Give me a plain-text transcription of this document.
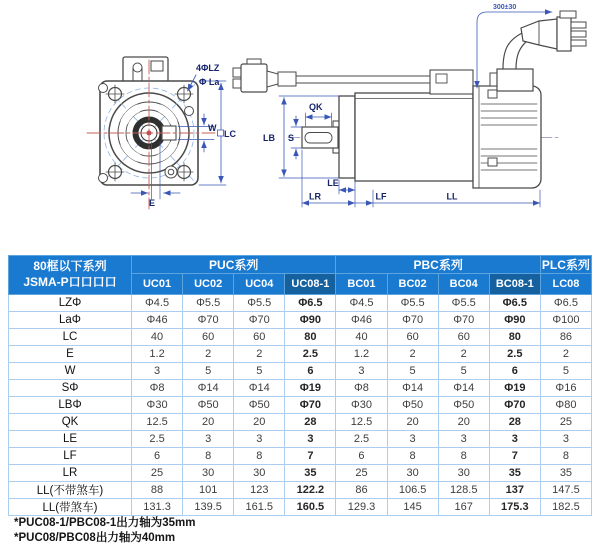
W
LC
E
4ΦLZ
Φ La
300±30
LB S
QK
LE
LR	LF	LL
80框以下系列
JSMA-P口口口口	PUC系列				PBC系列				PLC系列
	UC01	UC02	UC04	UC08-1	BC01	BC02	BC04	BC08-1	LC08
LZΦ	Φ4.5	Φ5.5	Φ5.5	Φ6.5	Φ4.5	Φ5.5	Φ5.5	Φ6.5	Φ6.5
LaΦ	Φ46	Φ70	Φ70	Φ90	Φ46	Φ70	Φ70	Φ90	Φ100
LC	40	60	60	80	40	60	60	80	86
E	1.2	2	2	2.5	1.2	2	2	2.5	2
W	3	5	5	6	3	5	5	6	5
SΦ	Φ8	Φ14	Φ14	Φ19	Φ8	Φ14	Φ14	Φ19	Φ16
LBΦ	Φ30	Φ50	Φ50	Φ70	Φ30	Φ50	Φ50	Φ70	Φ80
QK	12.5	20	20	28	12.5	20	20	28	25
LE	2.5	3	3	3	2.5	3	3	3	3
LF	6	8	8	7	6	8	8	7	8
LR	25	30	30	35	25	30	30	35	35
LL(不带煞车)	88	101	123	122.2	86	106.5	128.5	137	147.5
LL(带煞车)	131.3	139.5	161.5	160.5	129.3	145	167	175.3	182.5
*PUC08-1/PBC08-1出力轴为35mm
*PUC08/PBC08出力轴为40mm
